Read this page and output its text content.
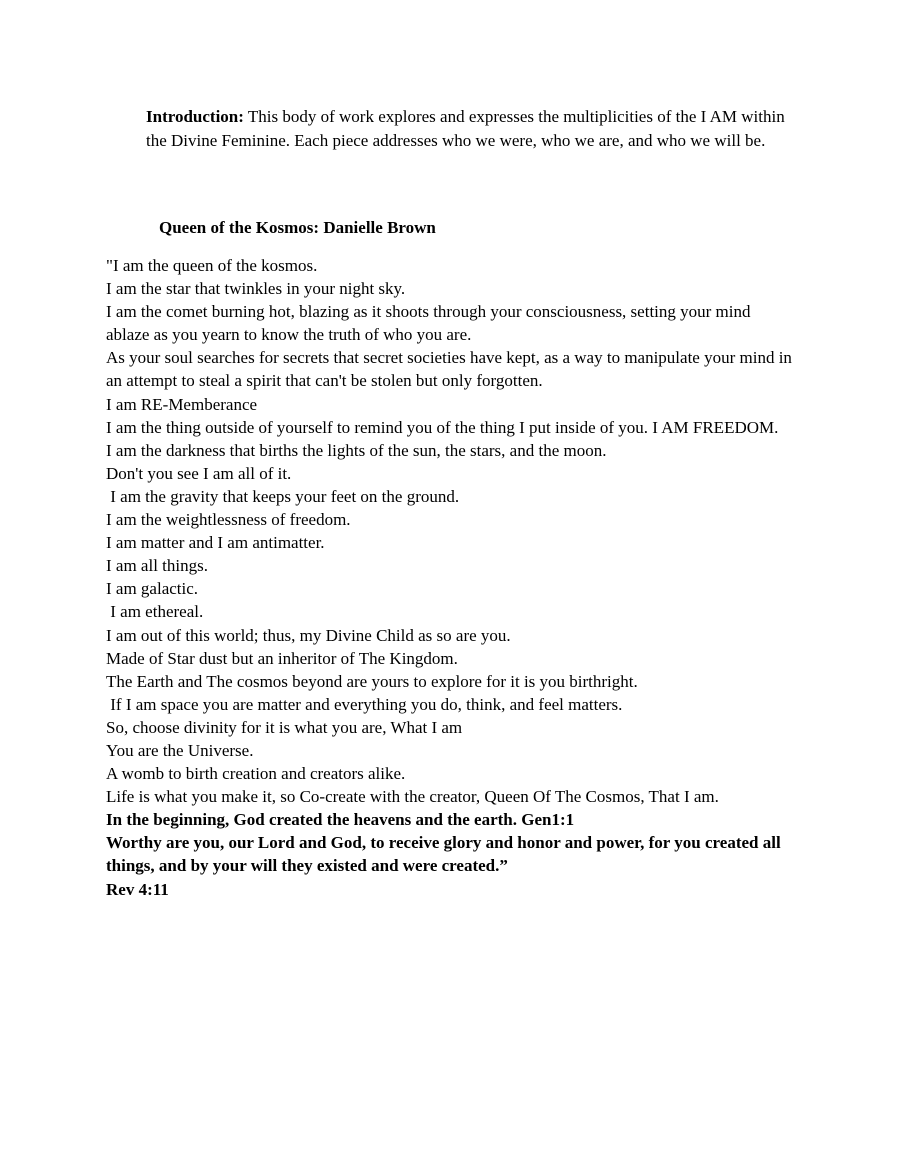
Introduction: This body of work explores and expresses the multiplicities of the I AM within the Divine Feminine. Each piece addresses who we were, who we are, and who we will be.
Queen of the Kosmos: Danielle Brown
"I am the queen of the kosmos.
I am the star that twinkles in your night sky.
I am the comet burning hot, blazing as it shoots through your consciousness, setting your mind ablaze as you yearn to know the truth of who you are.
As your soul searches for secrets that secret societies have kept, as a way to manipulate your mind in an attempt to steal a spirit that can't be stolen but only forgotten.
I am RE-Memberance
I am the thing outside of yourself to remind you of the thing I put inside of you. I AM FREEDOM.
I am the darkness that births the lights of the sun, the stars, and the moon.
Don't you see I am all of it.
I am the gravity that keeps your feet on the ground.
I am the weightlessness of freedom.
I am matter and I am antimatter.
I am all things.
I am galactic.
I am ethereal.
I am out of this world; thus, my Divine Child as so are you.
Made of Star dust but an inheritor of The Kingdom.
The Earth and The cosmos beyond are yours to explore for it is you birthright.
If I am space you are matter and everything you do, think, and feel matters.
So, choose divinity for it is what you are, What I am
You are the Universe.
A womb to birth creation and creators alike.
Life is what you make it, so Co-create with the creator, Queen Of The Cosmos, That I am.
In the beginning, God created the heavens and the earth. Gen1:1
Worthy are you, our Lord and God, to receive glory and honor and power, for you created all things, and by your will they existed and were created.”
Rev 4:11
